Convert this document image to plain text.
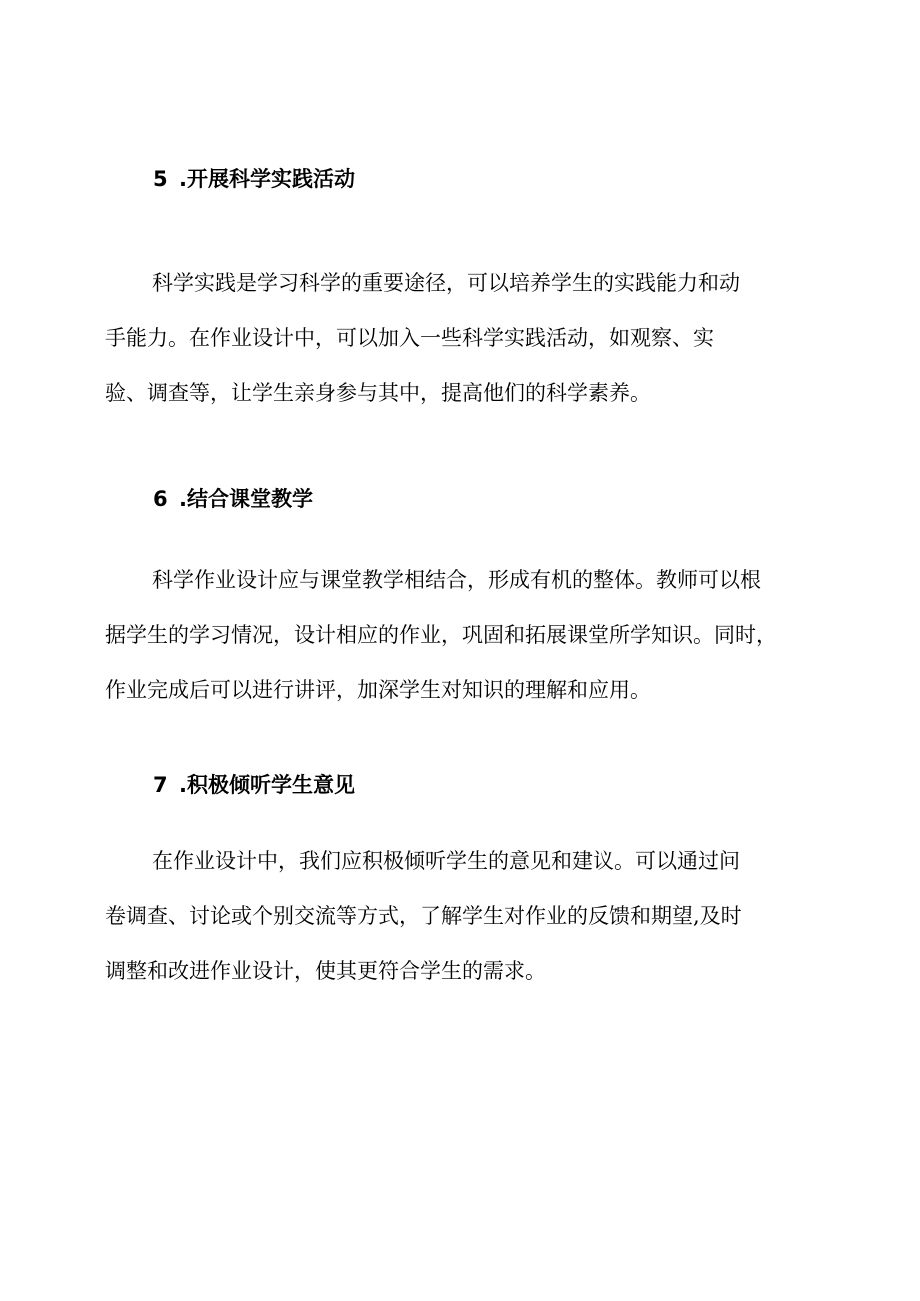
5 .开展科学实践活动
科学实践是学习科学的重要途径，可以培养学生的实践能力和动
手能力。在作业设计中，可以加入一些科学实践活动，如观察、实
验、调查等，让学生亲身参与其中，提高他们的科学素养。
6 .结合课堂教学
科学作业设计应与课堂教学相结合，形成有机的整体。教师可以根
据学生的学习情况，设计相应的作业，巩固和拓展课堂所学知识。同时，
作业完成后可以进行讲评，加深学生对知识的理解和应用。
7 .积极倾听学生意见
在作业设计中，我们应积极倾听学生的意见和建议。可以通过问
卷调查、讨论或个别交流等方式，了解学生对作业的反馈和期望,及时
调整和改进作业设计，使其更符合学生的需求。
